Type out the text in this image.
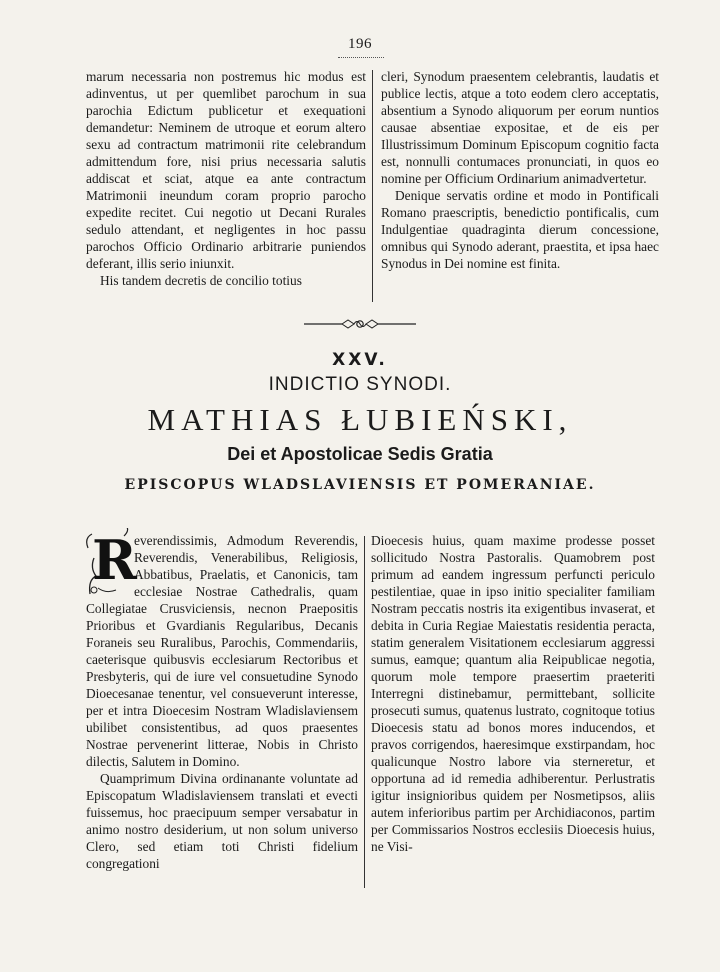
196

marum necessaria non postremus hic modus est adinventus, ut per quemlibet parochum in sua parochia Edictum publicetur et exequationi demandetur: Neminem de utroque et eorum altero sexu ad contractum matrimonii rite celebrandum admittendum fore, nisi prius necessaria salutis addiscat et sciat, atque ea ante contractum Matrimonii ineundum coram proprio parocho expedite recitet. Cui negotio ut Decani Rurales sedulo attendant, et negligentes in hoc passu parochos Officio Ordinario arbitrarie puniendos deferant, illis serio iniunxit.

His tandem decretis de concilio totius

cleri, Synodum praesentem celebrantis, laudatis et publice lectis, atque a toto eodem clero acceptatis, absentium a Synodo aliquorum per eorum nuntios causae absentiae expositae, et de eis per Illustrissimum Dominum Episcopum cognitio facta est, nonnulli contumaces pronunciati, in quos eo nomine per Officium Ordinarium animadvertetur.

Denique servatis ordine et modo in Pontificali Romano praescriptis, benedictio pontificalis, cum Indulgentiae quadraginta dierum concessione, omnibus qui Synodo aderant, praestita, et ipsa haec Synodus in Dei nomine est finita.

XXV.
INDICTIO SYNODI.
MATHIAS ŁUBIEŃSKI,
Dei et Apostolicae Sedis Gratia
EPISCOPUS WLADSLAVIENSIS ET POMERANIAE.
R

everendissimis, Admodum Reverendis, Reverendis, Venerabilibus, Religiosis, Abbatibus, Praelatis, et Canonicis, tam ecclesiae Nostrae Cathedralis, quam Collegiatae Crusviciensis, necnon Praepositis Prioribus et Gvardianis Regularibus, Decanis Foraneis seu Ruralibus, Parochis, Commendariis, caeterisque quibusvis ecclesiarum Rectoribus et Presbyteris, qui de iure vel consuetudine Synodo Dioecesanae tenentur, vel consueverunt interesse, per et intra Dioecesim Nostram Wladislaviensem ubilibet consistentibus, ad quos praesentes Nostrae pervenerint litterae, Nobis in Christo dilectis, Salutem in Domino.

Quamprimum Divina ordinanante voluntate ad Episcopatum Wladislaviensem translati et evecti fuissemus, hoc praecipuum semper versabatur in animo nostro desiderium, ut non solum universo Clero, sed etiam toti Christi fidelium congregationi

Dioecesis huius, quam maxime prodesse posset sollicitudo Nostra Pastoralis. Quamobrem post primum ad eandem ingressum perfuncti periculo pestilentiae, quae in ipso initio specialiter familiam Nostram peccatis nostris ita exigentibus invaserat, et debita in Curia Regiae Maiestatis residentia peracta, statim generalem Visitationem ecclesiarum aggressi sumus, eamque; quantum alia Reipublicae negotia, quorum mole tempore praesertim praeteriti Interregni distinebamur, permittebant, sollicite prosecuti sumus, quatenus lustrato, cognitoque totius Dioecesis statu ad bonos mores inducendos, et pravos corrigendos, haeresimque exstirpandam, hoc qualicunque Nostro labore via sterneretur, et opportuna ad id remedia adhiberentur. Perlustratis igitur insignioribus quidem per Nosmetipsos, aliis autem inferioribus partim per Archidiaconos, partim per Commissarios Nostros ecclesiis Dioecesis huius, ne Visi-
